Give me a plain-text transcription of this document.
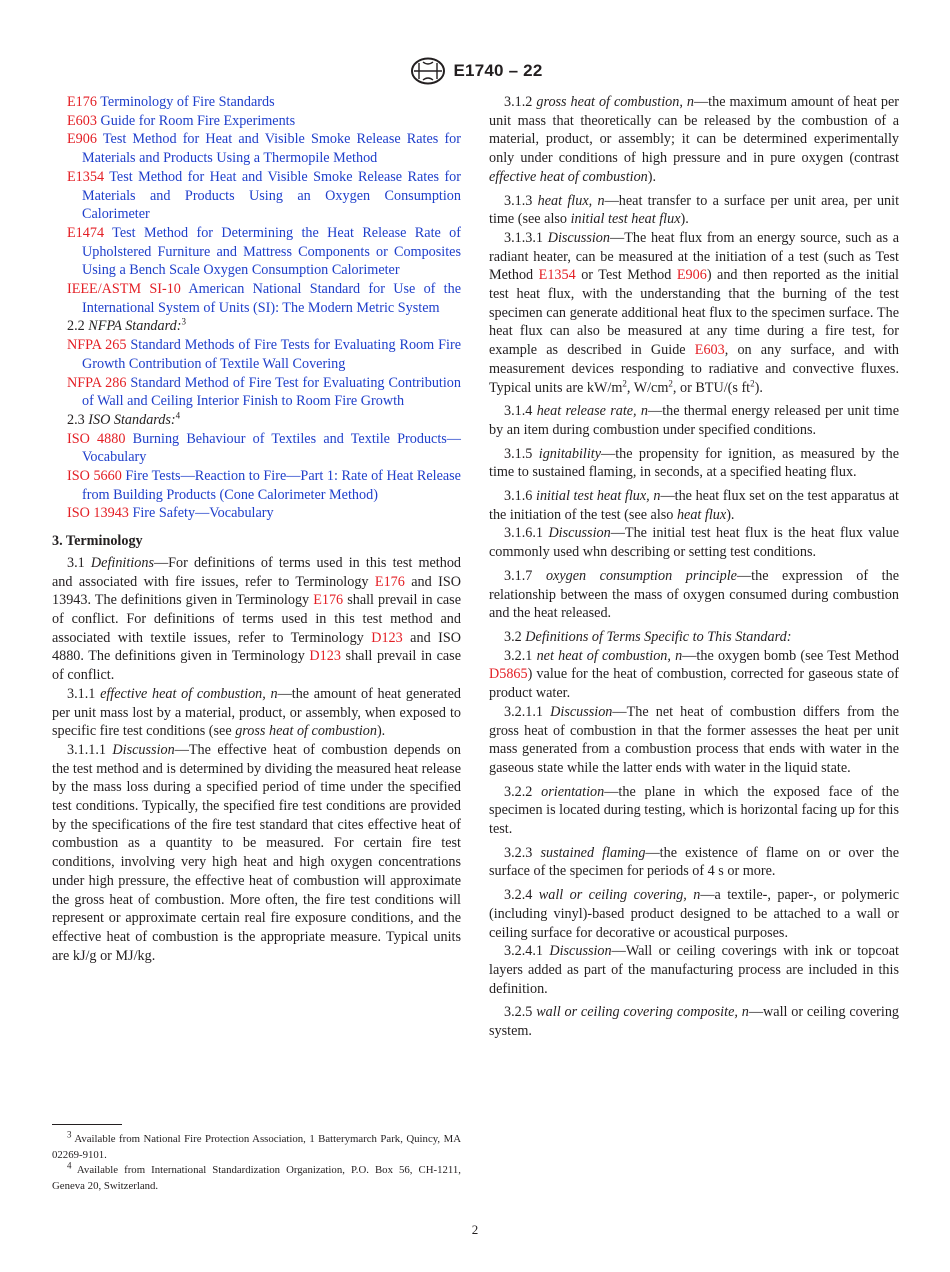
E1740 – 22

E176 Terminology of Fire Standards

E603 Guide for Room Fire Experiments

E906 Test Method for Heat and Visible Smoke Release Rates for Materials and Products Using a Thermopile Method

E1354 Test Method for Heat and Visible Smoke Release Rates for Materials and Products Using an Oxygen Consumption Calorimeter

E1474 Test Method for Determining the Heat Release Rate of Upholstered Furniture and Mattress Components or Composites Using a Bench Scale Oxygen Consumption Calorimeter

IEEE/ASTM SI-10 American National Standard for Use of the International System of Units (SI): The Modern Metric System

2.2 NFPA Standard:$^3$

NFPA 265 Standard Methods of Fire Tests for Evaluating Room Fire Growth Contribution of Textile Wall Covering

NFPA 286 Standard Method of Fire Test for Evaluating Contribution of Wall and Ceiling Interior Finish to Room Fire Growth

2.3 ISO Standards:$^4$

ISO 4880 Burning Behaviour of Textiles and Textile Products—Vocabulary

ISO 5660 Fire Tests—Reaction to Fire—Part 1: Rate of Heat Release from Building Products (Cone Calorimeter Method)

ISO 13943 Fire Safety—Vocabulary

3. Terminology

3.1 Definitions—For definitions of terms used in this test method and associated with fire issues, refer to Terminology E176 and ISO 13943. The definitions given in Terminology E176 shall prevail in case of conflict. For definitions of terms used in this test method and associated with textile issues, refer to Terminology D123 and ISO 4880. The definitions given in Terminology D123 shall prevail in case of conflict.

3.1.1 effective heat of combustion, n—the amount of heat generated per unit mass lost by a material, product, or assembly, when exposed to specific fire test conditions (see gross heat of combustion).

3.1.1.1 Discussion—The effective heat of combustion depends on the test method and is determined by dividing the measured heat release by the mass loss during a specified period of time under the specified test conditions. Typically, the specified fire test conditions are provided by the specifications of the fire test standard that cites effective heat of combustion as a quantity to be measured. For certain fire test conditions, involving very high heat and high oxygen concentrations under high pressure, the effective heat of combustion will approximate the gross heat of combustion. More often, the fire test conditions will represent or approximate certain real fire exposure conditions, and the effective heat of combustion is the appropriate measure. Typical units are kJ/g or MJ/kg.

$^3$ Available from National Fire Protection Association, 1 Batterymarch Park, Quincy, MA 02269-9101.

$^4$ Available from International Standardization Organization, P.O. Box 56, CH-1211, Geneva 20, Switzerland.

3.1.2 gross heat of combustion, n—the maximum amount of heat per unit mass that theoretically can be released by the combustion of a material, product, or assembly; it can be determined experimentally only under conditions of high pressure and in pure oxygen (contrast effective heat of combustion).

3.1.3 heat flux, n—heat transfer to a surface per unit area, per unit time (see also initial test heat flux).

3.1.3.1 Discussion—The heat flux from an energy source, such as a radiant heater, can be measured at the initiation of a test (such as Test Method E1354 or Test Method E906) and then reported as the initial test heat flux, with the understanding that the burning of the test specimen can generate additional heat flux to the specimen surface. The heat flux can also be measured at any time during a fire test, for example as described in Guide E603, on any surface, and with measurement devices responding to radiative and convective fluxes. Typical units are $kW/m^2$, $W/cm^2$, or BTU/(s $ft^2$).

3.1.4 heat release rate, n—the thermal energy released per unit time by an item during combustion under specified conditions.

3.1.5 ignitability—the propensity for ignition, as measured by the time to sustained flaming, in seconds, at a specified heating flux.

3.1.6 initial test heat flux, n—the heat flux set on the test apparatus at the initiation of the test (see also heat flux).

3.1.6.1 Discussion—The initial test heat flux is the heat flux value commonly used whn describing or setting test conditions.

3.1.7 oxygen consumption principle—the expression of the relationship between the mass of oxygen consumed during combustion and the heat released.

3.2 Definitions of Terms Specific to This Standard:

3.2.1 net heat of combustion, n—the oxygen bomb (see Test Method D5865) value for the heat of combustion, corrected for gaseous state of product water.

3.2.1.1 Discussion—The net heat of combustion differs from the gross heat of combustion in that the former assesses the heat per unit mass generated from a combustion process that ends with water in the gaseous state while the latter ends with water in the liquid state.

3.2.2 orientation—the plane in which the exposed face of the specimen is located during testing, which is horizontal facing up for this test.

3.2.3 sustained flaming—the existence of flame on or over the surface of the specimen for periods of 4 s or more.

3.2.4 wall or ceiling covering, n—a textile-, paper-, or polymeric (including vinyl)-based product designed to be attached to a wall or ceiling surface for decorative or acoustical purposes.

3.2.4.1 Discussion—Wall or ceiling coverings with ink or topcoat layers added as part of the manufacturing process are included in this definition.

3.2.5 wall or ceiling covering composite, n—wall or ceiling covering system.

2
